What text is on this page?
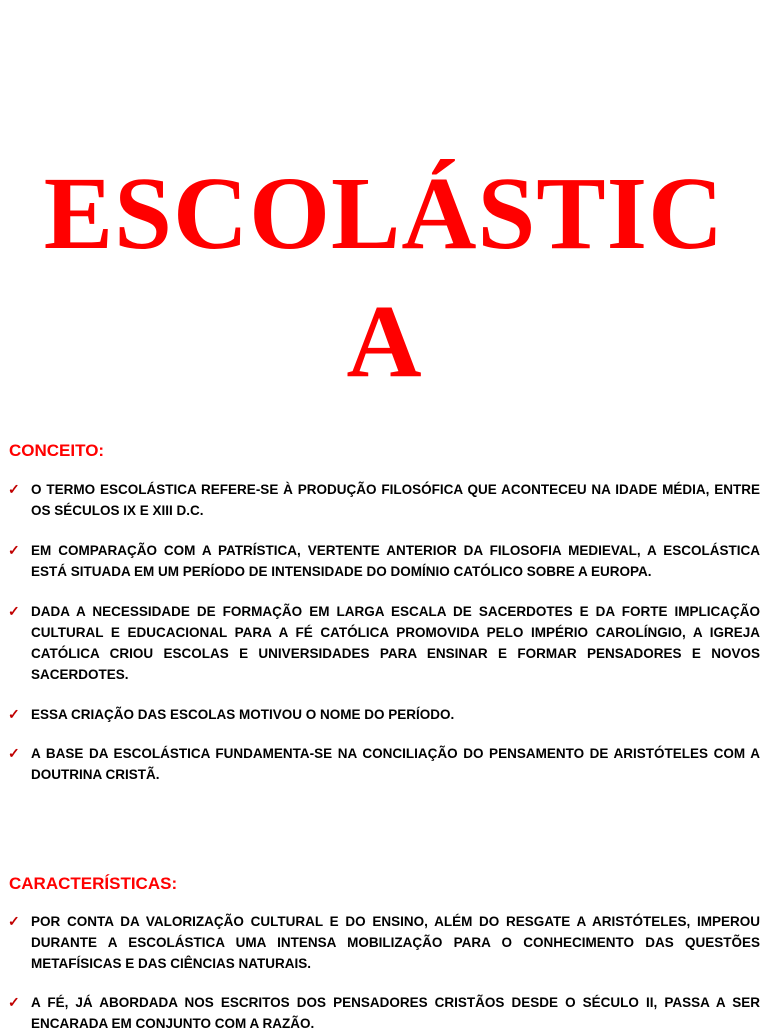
ESCOLÁSTIC
A
CONCEITO:
✓ O TERMO ESCOLÁSTICA REFERE-SE À PRODUÇÃO FILOSÓFICA QUE ACONTECEU NA IDADE MÉDIA, ENTRE OS SÉCULOS IX E XIII D.C.
✓ EM COMPARAÇÃO COM A PATRÍSTICA, VERTENTE ANTERIOR DA FILOSOFIA MEDIEVAL, A ESCOLÁSTICA ESTÁ SITUADA EM UM PERÍODO DE INTENSIDADE DO DOMÍNIO CATÓLICO SOBRE A EUROPA.
✓ DADA A NECESSIDADE DE FORMAÇÃO EM LARGA ESCALA DE SACERDOTES E DA FORTE IMPLICAÇÃO CULTURAL E EDUCACIONAL PARA A FÉ CATÓLICA PROMOVIDA PELO IMPÉRIO CAROLÍNGIO, A IGREJA CATÓLICA CRIOU ESCOLAS E UNIVERSIDADES PARA ENSINAR E FORMAR PENSADORES E NOVOS SACERDOTES.
✓ ESSA CRIAÇÃO DAS ESCOLAS MOTIVOU O NOME DO PERÍODO.
✓ A BASE DA ESCOLÁSTICA FUNDAMENTA-SE NA CONCILIAÇÃO DO PENSAMENTO DE ARISTÓTELES COM A DOUTRINA CRISTÃ.
CARACTERÍSTICAS:
✓ POR CONTA DA VALORIZAÇÃO CULTURAL E DO ENSINO, ALÉM DO RESGATE A ARISTÓTELES, IMPEROU DURANTE A ESCOLÁSTICA UMA INTENSA MOBILIZAÇÃO PARA O CONHECIMENTO DAS QUESTÕES METAFÍSICAS E DAS CIÊNCIAS NATURAIS.
✓ A FÉ, JÁ ABORDADA NOS ESCRITOS DOS PENSADORES CRISTÃOS DESDE O SÉCULO II, PASSA A SER ENCARADA EM CONJUNTO COM A RAZÃO.
